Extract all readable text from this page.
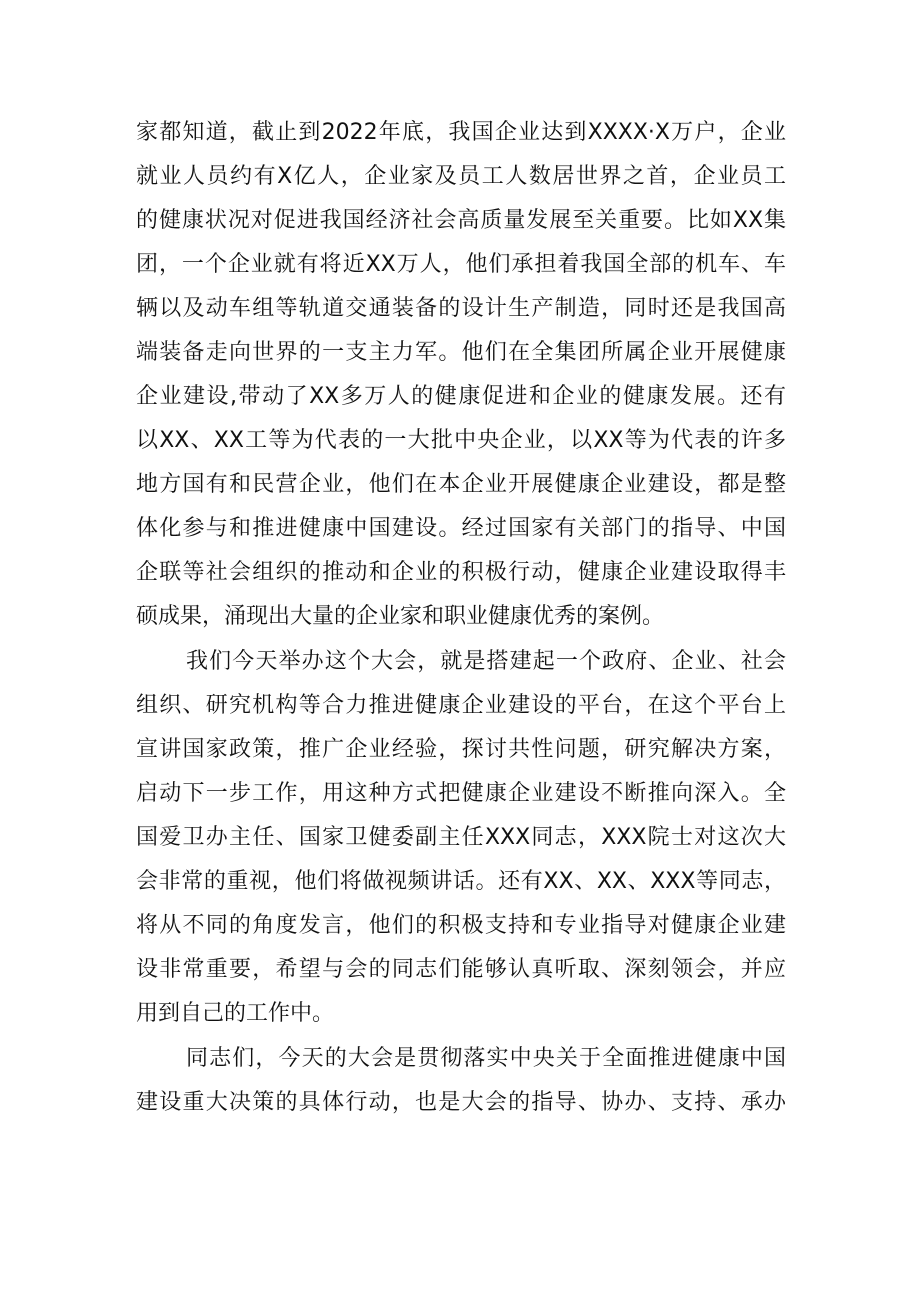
家都知道，截止到2022年底，我国企业达到XXXX·X万户，企业
就业人员约有X亿人，企业家及员工人数居世界之首，企业员工
的健康状况对促进我国经济社会高质量发展至关重要。比如XX集
团，一个企业就有将近XX万人，他们承担着我国全部的机车、车
辆以及动车组等轨道交通装备的设计生产制造，同时还是我国高
端装备走向世界的一支主力军。他们在全集团所属企业开展健康
企业建设,带动了XX多万人的健康促进和企业的健康发展。还有
以XX、XX工等为代表的一大批中央企业，以XX等为代表的许多
地方国有和民营企业，他们在本企业开展健康企业建设，都是整
体化参与和推进健康中国建设。经过国家有关部门的指导、中国
企联等社会组织的推动和企业的积极行动，健康企业建设取得丰
硕成果，涌现出大量的企业家和职业健康优秀的案例。
我们今天举办这个大会，就是搭建起一个政府、企业、社会
组织、研究机构等合力推进健康企业建设的平台，在这个平台上
宣讲国家政策，推广企业经验，探讨共性问题，研究解决方案，
启动下一步工作，用这种方式把健康企业建设不断推向深入。全
国爱卫办主任、国家卫健委副主任XXX同志，XXX院士对这次大
会非常的重视，他们将做视频讲话。还有XX、XX、XXX等同志，
将从不同的角度发言，他们的积极支持和专业指导对健康企业建
设非常重要，希望与会的同志们能够认真听取、深刻领会，并应
用到自己的工作中。
同志们，今天的大会是贯彻落实中央关于全面推进健康中国
建设重大决策的具体行动，也是大会的指导、协办、支持、承办
